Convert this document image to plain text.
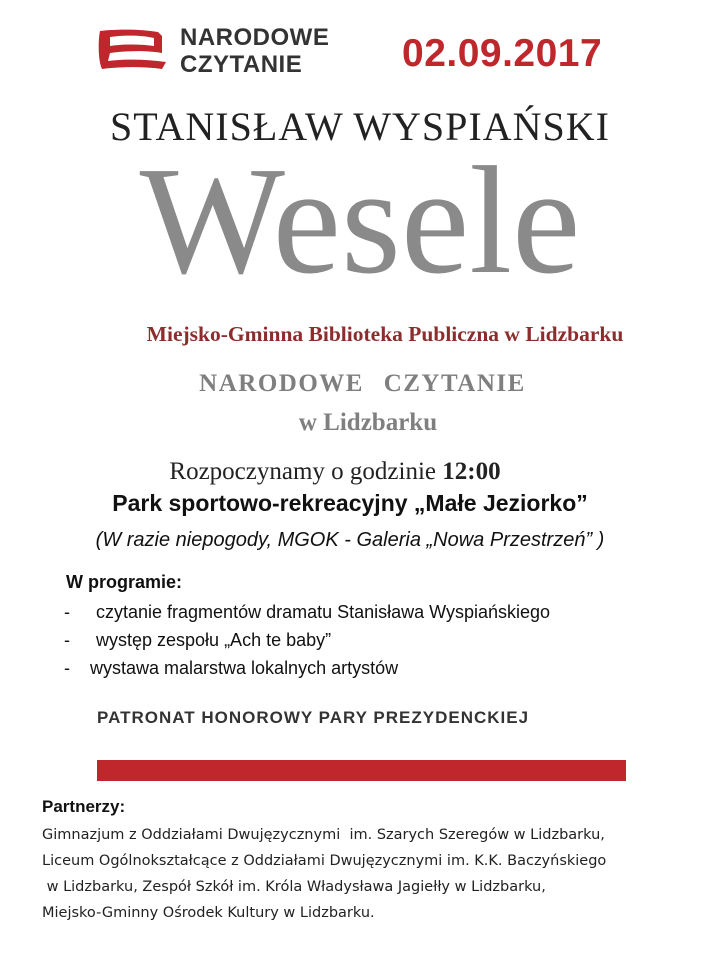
NARODOWE
CZYTANIE	02.09.2017
STANISŁAW WYSPIAŃSKI
Wesele
Miejsko-Gminna Biblioteka Publiczna w Lidzbarku
NARODOWE CZYTANIE
w Lidzbarku
Rozpoczynamy o godzinie 12:00
Park sportowo-rekreacyjny „Małe Jeziorko”
(W razie niepogody, MGOK - Galeria „Nowa Przestrzeń” )
W programie:
- czytanie fragmentów dramatu Stanisława Wyspiańskiego
- występ zespołu „Ach te baby”
- wystawa malarstwa lokalnych artystów
PATRONAT HONOROWY PARY PREZYDENCKIEJ
Partnerzy:
Gimnazjum z Oddziałami Dwujęzycznymi  im. Szarych Szeregów w Lidzbarku,
Liceum Ogólnokształcące z Oddziałami Dwujęzycznymi im. K.K. Baczyńskiego
w Lidzbarku, Zespół Szkół im. Króla Władysława Jagiełły w Lidzbarku,
Miejsko-Gminny Ośrodek Kultury w Lidzbarku.
